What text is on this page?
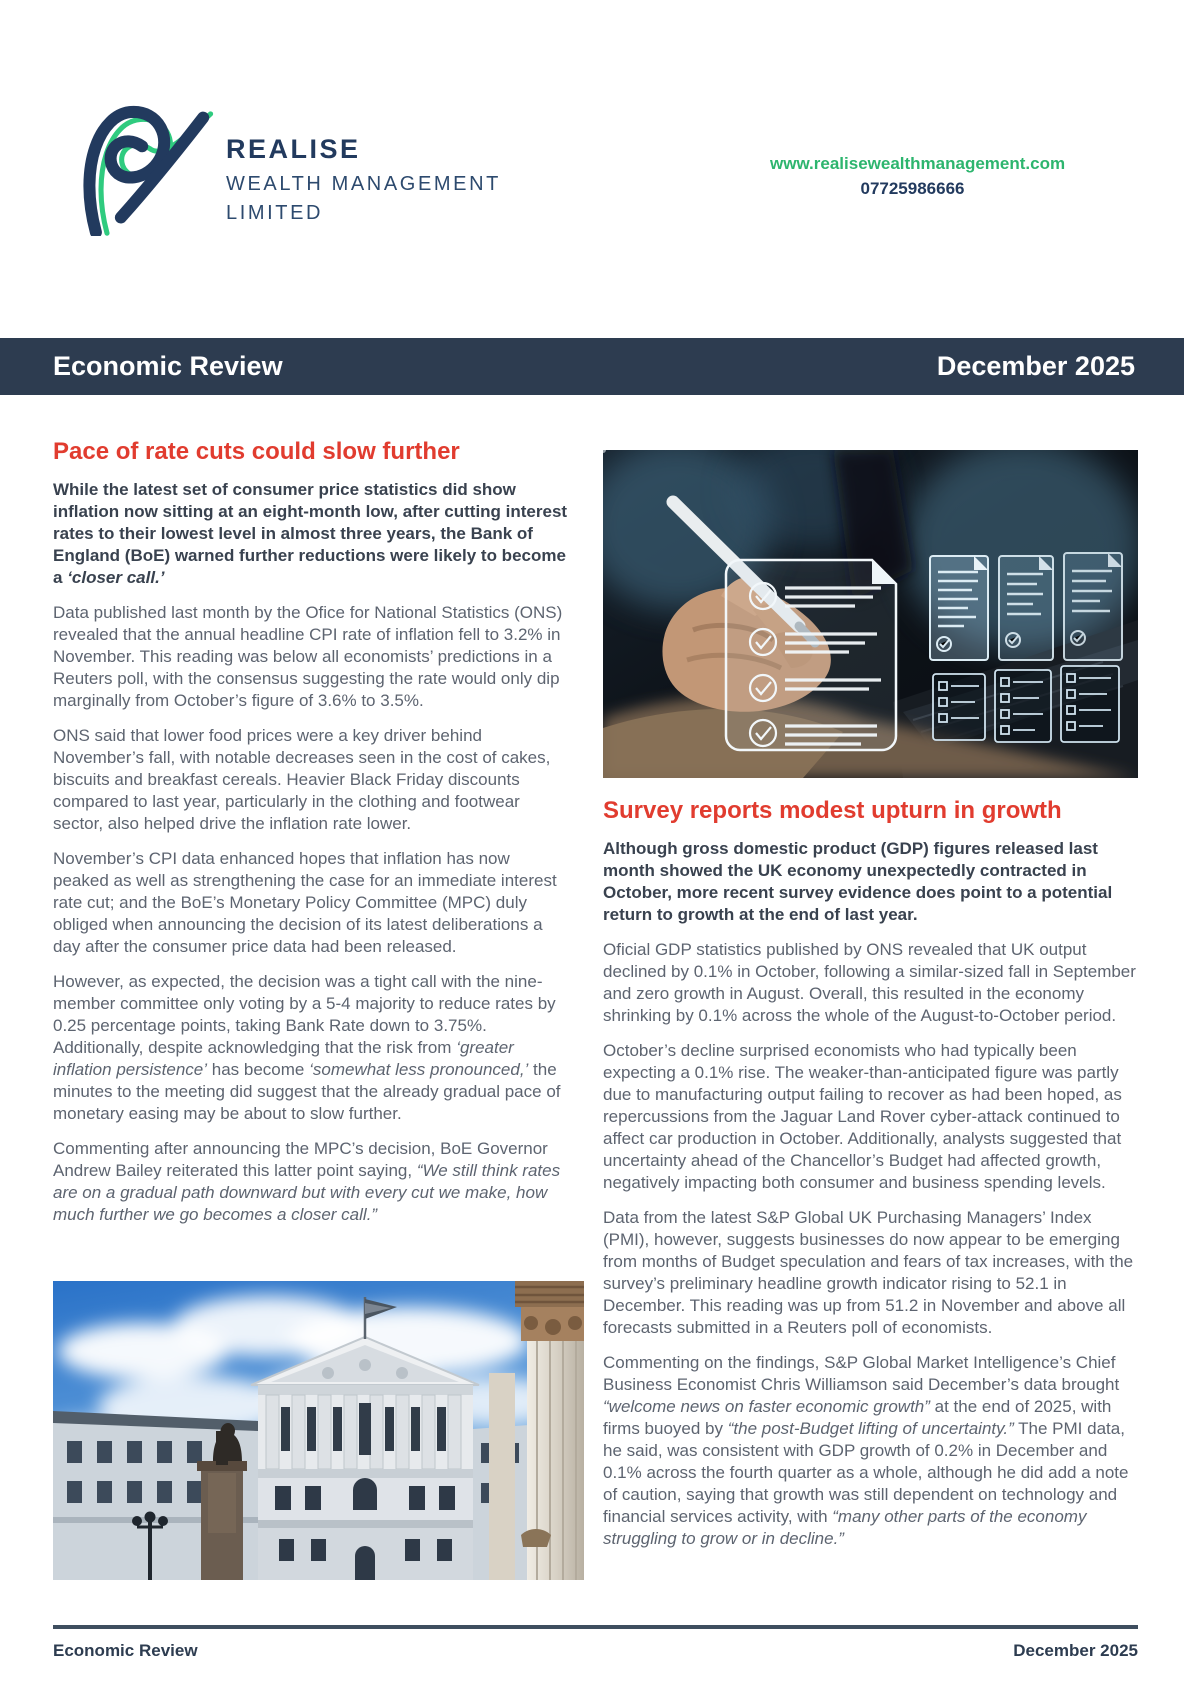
REALISE
WEALTH MANAGEMENT
LIMITED
www.realisewealthmanagement.com
07725986666
Economic Review	December 2025
Pace of rate cuts could slow further

While the latest set of consumer price statistics did show inflation now sitting at an eight-month low, after cutting interest rates to their lowest level in almost three years, the Bank of England (BoE) warned further reductions were likely to become a ‘closer call.’

Data published last month by the Ofice for National Statistics (ONS) revealed that the annual headline CPI rate of inflation fell to 3.2% in November. This reading was below all economists’ predictions in a Reuters poll, with the consensus suggesting the rate would only dip marginally from October’s figure of 3.6% to 3.5%.

ONS said that lower food prices were a key driver behind November’s fall, with notable decreases seen in the cost of cakes, biscuits and breakfast cereals. Heavier Black Friday discounts compared to last year, particularly in the clothing and footwear sector, also helped drive the inflation rate lower.

November’s CPI data enhanced hopes that inflation has now peaked as well as strengthening the case for an immediate interest rate cut; and the BoE’s Monetary Policy Committee (MPC) duly obliged when announcing the decision of its latest deliberations a day after the consumer price data had been released.

However, as expected, the decision was a tight call with the nine-member committee only voting by a 5-4 majority to reduce rates by 0.25 percentage points, taking Bank Rate down to 3.75%. Additionally, despite acknowledging that the risk from ‘greater inflation persistence’ has become ‘somewhat less pronounced,’ the minutes to the meeting did suggest that the already gradual pace of monetary easing may be about to slow further.

Commenting after announcing the MPC’s decision, BoE Governor Andrew Bailey reiterated this latter point saying, “We still think rates are on a gradual path downward but with every cut we make, how much further we go becomes a closer call.”

Survey reports modest upturn in growth

Although gross domestic product (GDP) figures released last month showed the UK economy unexpectedly contracted in October, more recent survey evidence does point to a potential return to growth at the end of last year.

Oficial GDP statistics published by ONS revealed that UK output declined by 0.1% in October, following a similar-sized fall in September and zero growth in August. Overall, this resulted in the economy shrinking by 0.1% across the whole of the August-to-October period.

October’s decline surprised economists who had typically been expecting a 0.1% rise. The weaker-than-anticipated figure was partly due to manufacturing output failing to recover as had been hoped, as repercussions from the Jaguar Land Rover cyber-attack continued to affect car production in October. Additionally, analysts suggested that uncertainty ahead of the Chancellor’s Budget had affected growth, negatively impacting both consumer and business spending levels.

Data from the latest S&P Global UK Purchasing Managers’ Index (PMI), however, suggests businesses do now appear to be emerging from months of Budget speculation and fears of tax increases, with the survey’s preliminary headline growth indicator rising to 52.1 in December. This reading was up from 51.2 in November and above all forecasts submitted in a Reuters poll of economists.

Commenting on the findings, S&P Global Market Intelligence’s Chief Business Economist Chris Williamson said December’s data brought “welcome news on faster economic growth” at the end of 2025, with firms buoyed by “the post-Budget lifting of uncertainty.” The PMI data, he said, was consistent with GDP growth of 0.2% in December and 0.1% across the fourth quarter as a whole, although he did add a note of caution, saying that growth was still dependent on technology and financial services activity, with “many other parts of the economy struggling to grow or in decline.”

Economic Review	December 2025
